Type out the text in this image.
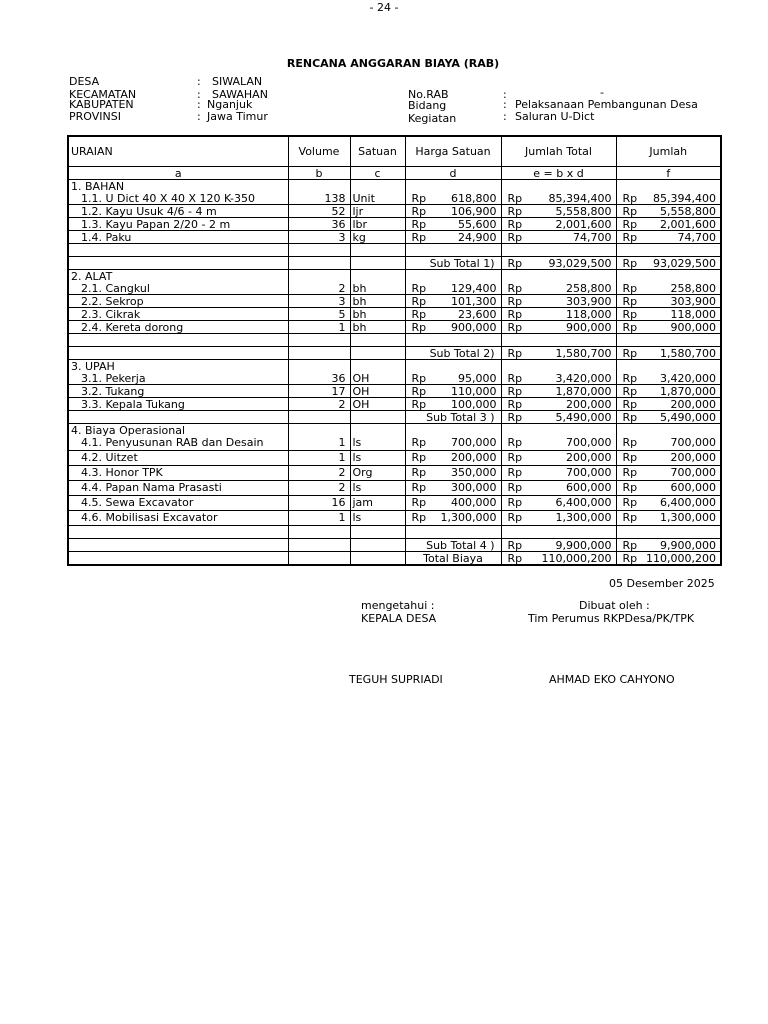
- 24 -
RENCANA ANGGARAN BIAYA (RAB)
DESA	: SIWALAN
KECAMATAN	: SAWAHAN
KABUPATEN	: Nganjuk
PROVINSI	: Jawa Timur
No.RAB	:	-
Bidang	: Pelaksanaan Pembangunan Desa
Kegiatan	: Saluran U-Dict
URAIAN	Volume	Satuan	Harga Satuan	Jumlah Total	Jumlah
a	b	c	d	e = b x d	f
1. BAHAN					
1.1. U Dict 40 X 40 X 120 K-350	138	Unit	Rp 618,800	Rp 85,394,400	Rp 85,394,400

1.2. Kayu Usuk 4/6 - 4 m	52	ljr	Rp 106,900	Rp 5,558,800	Rp 5,558,800

1.3. Kayu Papan 2/20 - 2 m	36	lbr	Rp 55,600	Rp 2,001,600	Rp 2,001,600

1.4. Paku	3	kg	Rp 24,900	Rp 74,700	Rp 74,700

			Sub Total 1)	Rp 93,029,500	Rp 93,029,500

2. ALAT					
2.1. Cangkul	2	bh	Rp 129,400	Rp 258,800	Rp 258,800

2.2. Sekrop	3	bh	Rp 101,300	Rp 303,900	Rp 303,900

2.3. Cikrak	5	bh	Rp 23,600	Rp 118,000	Rp 118,000

2.4. Kereta dorong	1	bh	Rp 900,000	Rp 900,000	Rp 900,000

			Sub Total 2)	Rp 1,580,700	Rp 1,580,700

3. UPAH					
3.1. Pekerja	36	OH	Rp 95,000	Rp 3,420,000	Rp 3,420,000

3.2. Tukang	17	OH	Rp 110,000	Rp 1,870,000	Rp 1,870,000

3.3. Kepala Tukang	2	OH	Rp 100,000	Rp 200,000	Rp 200,000

			Sub Total 3 )	Rp 5,490,000	Rp 5,490,000

4. Biaya Operasional					
4.1. Penyusunan RAB dan Desain	1	ls	Rp 700,000	Rp 700,000	Rp 700,000

4.2. Uitzet	1	ls	Rp 200,000	Rp 200,000	Rp 200,000

4.3. Honor TPK	2	Org	Rp 350,000	Rp 700,000	Rp 700,000

4.4. Papan Nama Prasasti	2	ls	Rp 300,000	Rp 600,000	Rp 600,000

4.5. Sewa Excavator	16	jam	Rp 400,000	Rp 6,400,000	Rp 6,400,000

4.6. Mobilisasi Excavator	1	ls	Rp 1,300,000	Rp 1,300,000	Rp 1,300,000

			Sub Total 4 )	Rp 9,900,000	Rp 9,900,000

			Total Biaya	Rp 110,000,200	Rp 110,000,200
05 Desember 2025
mengetahui :
KEPALA DESA
TEGUH SUPRIADI
Dibuat oleh :
Tim Perumus RKPDesa/PK/TPK
AHMAD EKO CAHYONO
